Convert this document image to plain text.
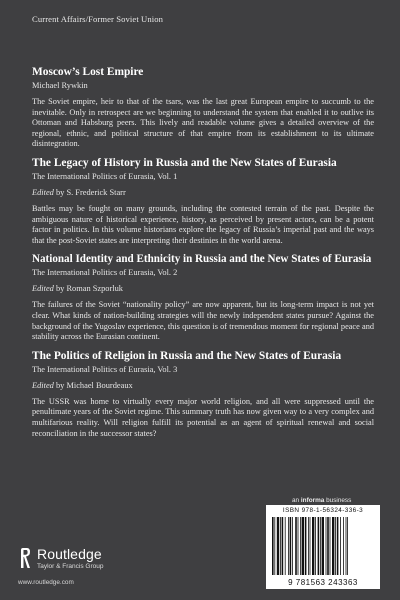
Current Affairs/Former Soviet Union
Moscow’s Lost Empire
Michael Rywkin
The Soviet empire, heir to that of the tsars, was the last great European empire to succumb to the inevitable. Only in retrospect are we beginning to understand the system that enabled it to outlive its Ottoman and Habsburg peers. This lively and readable volume gives a detailed overview of the regional, ethnic, and political structure of that empire from its establishment to its ultimate disintegration.
The Legacy of History in Russia and the New States of Eurasia
The International Politics of Eurasia, Vol. 1
Edited by S. Frederick Starr
Battles may be fought on many grounds, including the contested terrain of the past. Despite the ambiguous nature of historical experience, history, as perceived by present actors, can be a potent factor in politics. In this volume historians explore the legacy of Russia’s imperial past and the ways that the post-Soviet states are interpreting their destinies in the world arena.
National Identity and Ethnicity in Russia and the New States of Eurasia
The International Politics of Eurasia, Vol. 2
Edited by Roman Szporluk
The failures of the Soviet “nationality policy” are now apparent, but its long-term impact is not yet clear. What kinds of nation-building strategies will the newly independent states pursue? Against the background of the Yugoslav experience, this question is of tremendous moment for regional peace and stability across the Eurasian continent.
The Politics of Religion in Russia and the New States of Eurasia
The International Politics of Eurasia, Vol. 3
Edited by Michael Bourdeaux
The USSR was home to virtually every major world religion, and all were suppressed until the penultimate years of the Soviet regime. This summary truth has now given way to a very complex and multifarious reality. Will religion fulfill its potential as an agent of spiritual renewal and social reconciliation in the successor states?
Routledge
Taylor & Francis Group
www.routledge.com
an informa business
ISBN 978-1-56324-336-3
9 781563 243363
